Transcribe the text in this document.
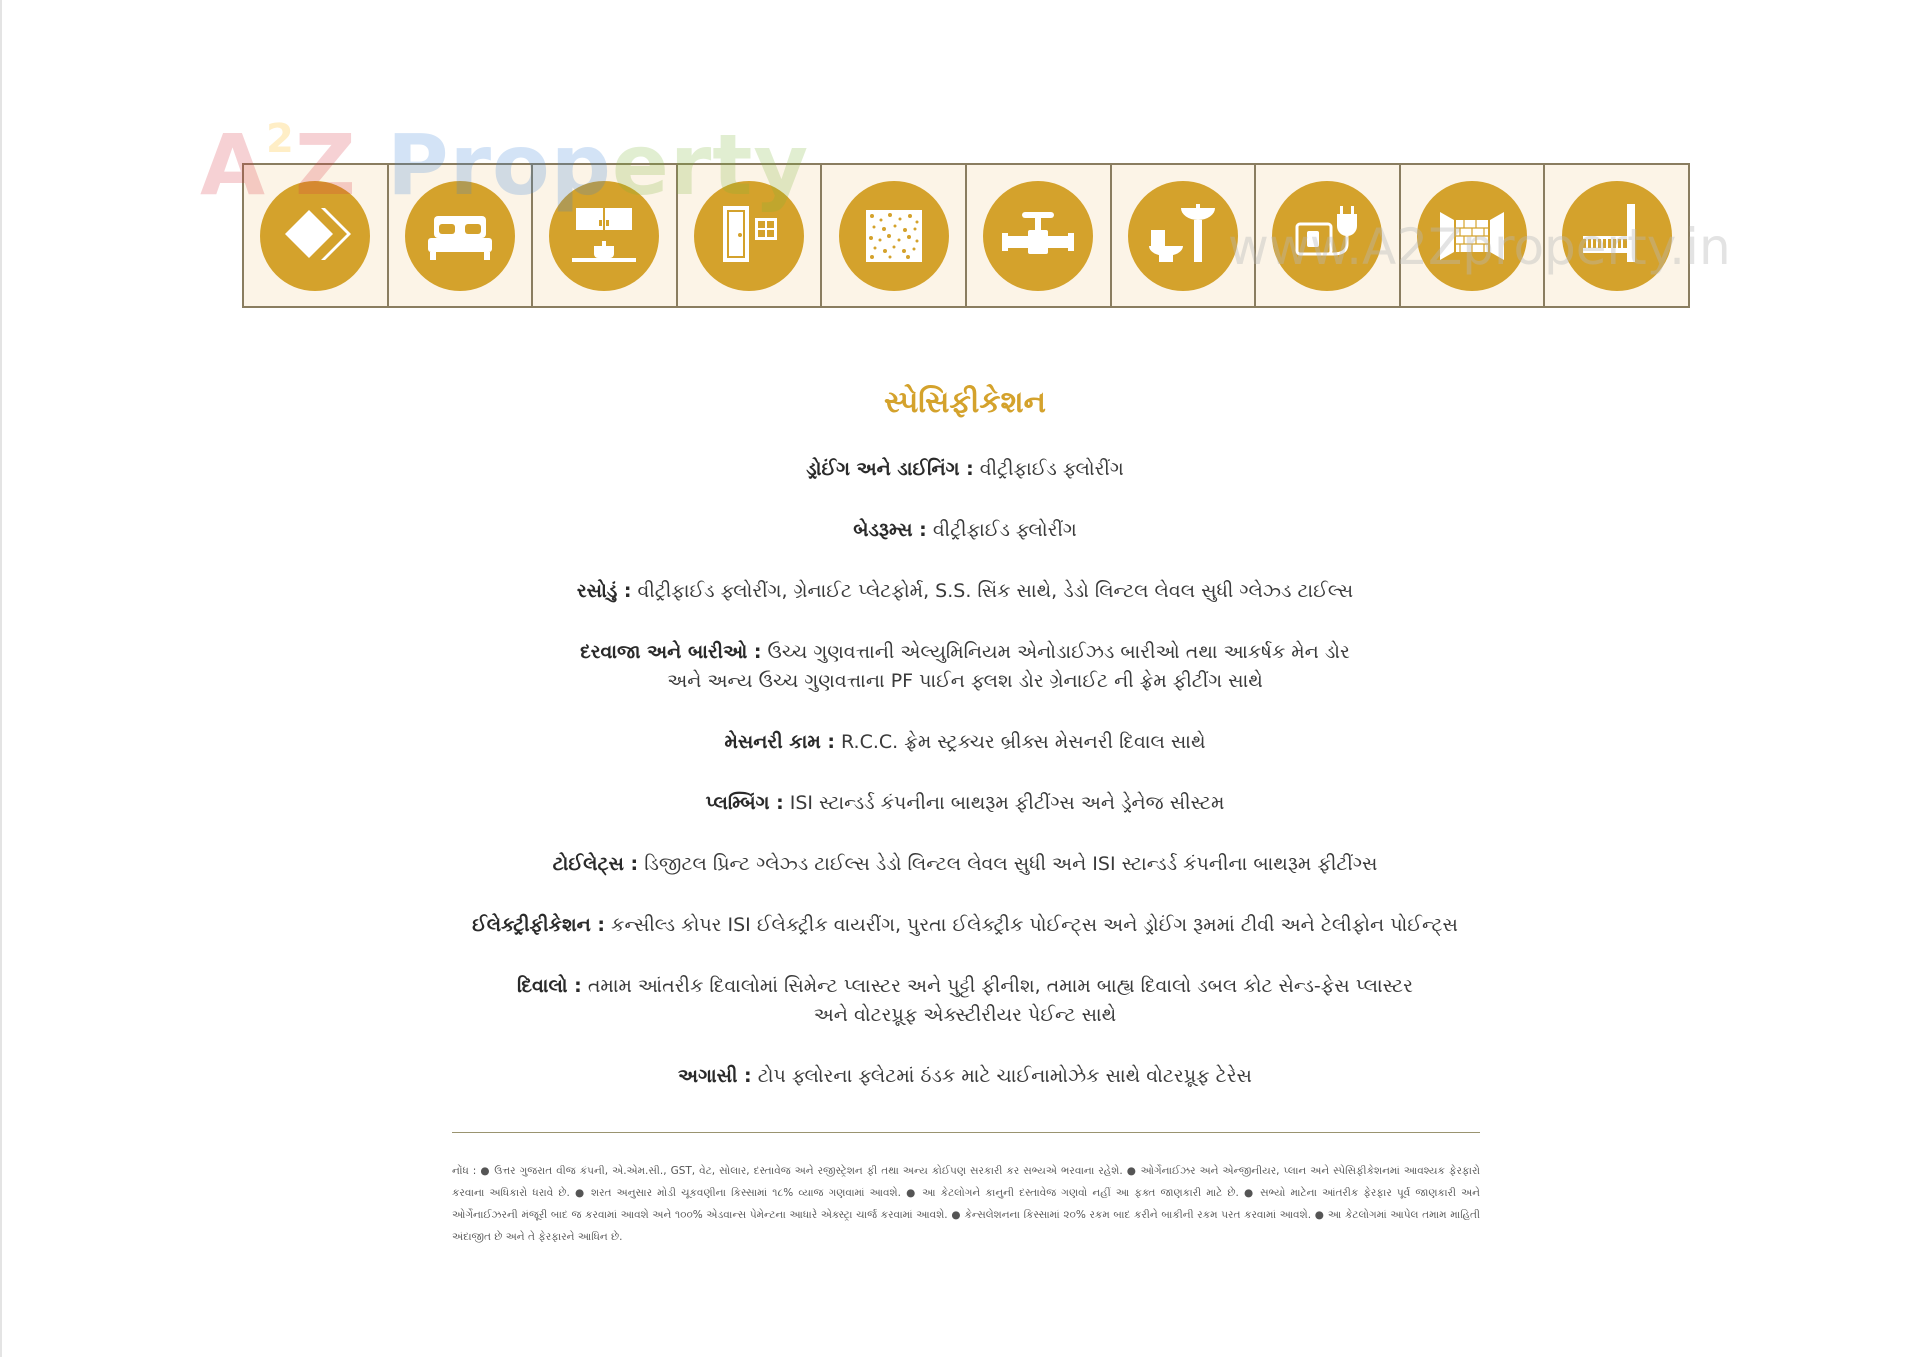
$A^2Z$ Property
www.A2Zproperty.in
સ્પેસિફીકેશન
ડ્રોઈંગ અને ડાઈનિંગ : વીટ્રીફાઈડ ફ્લોરીંગ
બેડરૂમ્સ : વીટ્રીફાઈડ ફ્લોરીંગ
રસોડું : વીટ્રીફાઈડ ફ્લોરીંગ, ગ્રેનાઈટ પ્લેટફોર્મ, S.S. સિંક સાથે, ડેડો લિન્ટલ લેવલ સુધી ગ્લેઝ્ડ ટાઈલ્સ
દરવાજા અને બારીઓ : ઉચ્ચ ગુણવત્તાની એલ્યુમિનિયમ એનોડાઈઝડ બારીઓ તથા આકર્ષક મેન ડોર
અને અન્ય ઉચ્ચ ગુણવત્તાના PF પાઈન ફ્લશ ડોર ગ્રેનાઈટ ની ફ્રેમ ફીટીંગ સાથે
મેસનરી કામ : R.C.C. ફ્રેમ સ્ટ્રક્ચર બ્રીક્સ મેસનરી દિવાલ સાથે
પ્લમ્બિંગ : ISI સ્ટાન્ડર્ડ કંપનીના બાથરૂમ ફીટીંગ્સ અને ડ્રેનેજ સીસ્ટમ
ટોઈલેટ્સ : ડિજીટલ પ્રિન્ટ ગ્લેઝ્ડ ટાઈલ્સ ડેડો લિન્ટલ લેવલ સુધી અને ISI સ્ટાન્ડર્ડ કંપનીના બાથરૂમ ફીટીંગ્સ
ઈલેક્ટ્રીફીકેશન : કન્સીલ્ડ કોપર ISI ઈલેક્ટ્રીક વાયરીંગ, પુરતા ઈલેક્ટ્રીક પોઈન્ટ્સ અને ડ્રોઈંગ રૂમમાં ટીવી અને ટેલીફોન પોઈન્ટ્સ
દિવાલો : તમામ આંતરીક દિવાલોમાં સિમેન્ટ પ્લાસ્ટર અને પુટ્ટી ફીનીશ, તમામ બાહ્ય દિવાલો ડબલ કોટ સેન્ડ-ફેસ પ્લાસ્ટર
અને વોટરપ્રૂફ એક્સ્ટીરીયર પેઈન્ટ સાથે
અગાસી : ટોપ ફ્લોરના ફ્લેટમાં ઠંડક માટે ચાઈનામોઝેક સાથે વોટરપ્રૂફ ટેરેસ
નોંધ : ● ઉત્તર ગુજરાત વીજ કંપની, એ.એમ.સી., GST, વેટ, સોલાર, દસ્તાવેજ અને રજીસ્ટ્રેશન ફી તથા અન્ય કોઈપણ સરકારી કર સભ્યએ ભરવાના રહેશે. ● ઓર્ગેનાઈઝર અને એન્જીનીયર, પ્લાન અને સ્પેસિફીકેશનમાં આવશ્યક ફેરફારો કરવાના અધિકારો ધરાવે છે. ● શરત અનુસાર મોડી ચૂકવણીના કિસ્સામાં ૧૮% વ્યાજ ગણવામાં આવશે. ● આ કેટલોગને કાનુની દસ્તાવેજ ગણવો નહીં આ ફક્ત જાણકારી માટે છે. ● સભ્યો માટેના આંતરીક ફેરફાર પૂર્વ જાણકારી અને ઓર્ગેનાઈઝરની મંજૂરી બાદ જ કરવામાં આવશે અને ૧૦૦% એડવાન્સ પેમેન્ટના આધારે એક્સ્ટ્રા ચાર્જ કરવામાં આવશે. ● કેન્સલેશનના કિસ્સામાં ૨૦% રકમ બાદ કરીને બાકીની રકમ પરત કરવામાં આવશે. ● આ કેટલોગમાં આપેલ તમામ માહિતી અંદાજીત છે અને તે ફેરફારને આધિન છે.
